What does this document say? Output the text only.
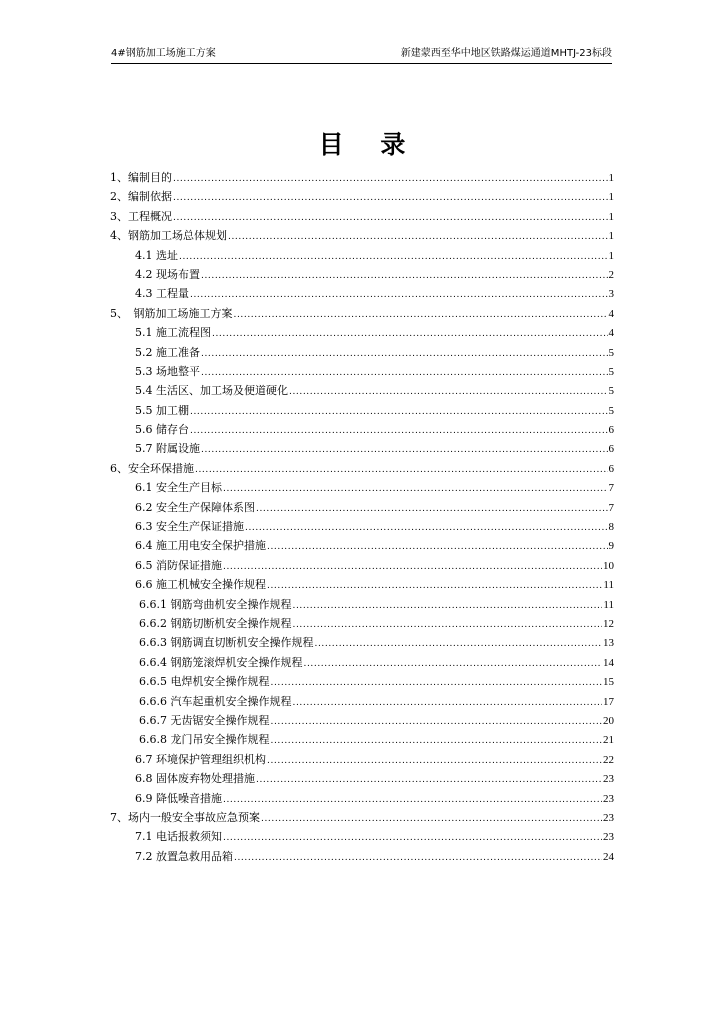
4#钢筋加工场施工方案	新建蒙西至华中地区铁路煤运通道MHTJ-23标段
目 录
1、编制目的 .....	1
2、编制依据 .....	1
3、工程概况 .....	1
4、钢筋加工场总体规划 .....	1
4.1 选址 .....	1
4.2 现场布置 .....	2
4.3 工程量 .....	3
5、　钢筋加工场施工方案 .....	4
5.1 施工流程图 .....	4
5.2 施工准备 .....	5
5.3 场地整平 .....	5
5.4 生活区、加工场及便道硬化 .....	5
5.5 加工棚 .....	5
5.6 储存台 .....	6
5.7 附属设施 .....	6
6、安全环保措施 .....	6
6.1 安全生产目标 .....	7
6.2 安全生产保障体系图 .....	7
6.3 安全生产保证措施 .....	8
6.4 施工用电安全保护措施 .....	9
6.5 消防保证措施 .....	10
6.6 施工机械安全操作规程 .....	11
6.6.1 钢筋弯曲机安全操作规程 .....	11
6.6.2 钢筋切断机安全操作规程 .....	12
6.6.3 钢筋调直切断机安全操作规程 .....	13
6.6.4 钢筋笼滚焊机安全操作规程 .....	14
6.6.5 电焊机安全操作规程 .....	15
6.6.6 汽车起重机安全操作规程 .....	17
6.6.7 无齿锯安全操作规程 .....	20
6.6.8 龙门吊安全操作规程 .....	21
6.7 环境保护管理组织机构 .....	22
6.8 固体废弃物处理措施 .....	23
6.9 降低噪音措施 .....	23
7、场内一般安全事故应急预案 .....	23
7.1 电话报救须知 .....	23
7.2 放置急救用品箱 .....	24
